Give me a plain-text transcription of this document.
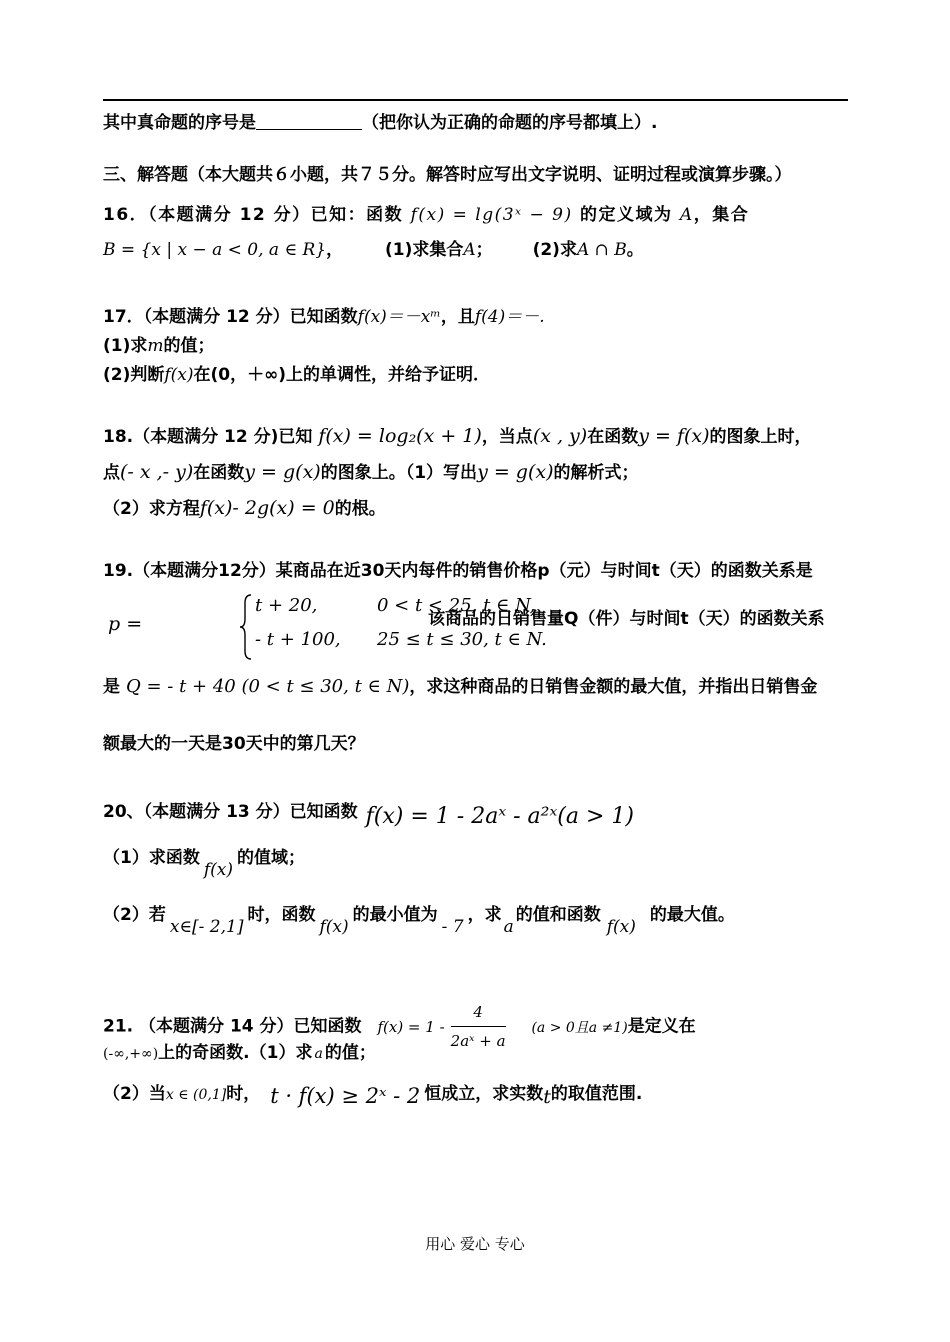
其中真命题的序号是	（把你认为正确的命题的序号都填上）.
三、解答题（本大题共６小题，共７５分。解答时应写出文字说明、证明过程或演算步骤。）
16．（本题满分 12 分）已知：函数 f(x) = lg(3ˣ − 9) 的定义域为 A，集合
B = {x | x − a < 0, a ∈ R}， (1)求集合A； (2)求A ∩ B。
17．（本题满分 12 分）已知函数f(x)＝－xᵐ，且f(4)＝－.
(1)求m的值；
(2)判断f(x)在(0，＋∞)上的单调性，并给予证明．
18.（本题满分 12 分)已知 f(x) = log₂(x + 1)，当点(x , y)在函数y = f(x)的图象上时，
点(- x ,- y)在函数y = g(x)的图象上。（1）写出y = g(x)的解析式；
（2）求方程f(x)- 2g(x) = 0的根。
19.（本题满分12分）某商品在近30天内每件的销售价格p（元）与时间t（天）的函数关系是
p =
t + 20,	0 < t < 25, t ∈ N,
- t + 100, 25 ≤ t ≤ 30, t ∈ N.
该商品的日销售量Q（件）与时间t（天）的函数关系
是 Q = - t + 40 (0 < t ≤ 30, t ∈ N)，求这种商品的日销售金额的最大值，并指出日销售金
额最大的一天是30天中的第几天？
20、（本题满分 13 分）已知函数 f(x) = 1 - 2aˣ - a²ˣ(a > 1)
（1）求函数f(x)的值域；
（2）若x∈[- 2,1]时，函数f(x)的最小值为- 7，求a的值和函数f(x)的最大值。
21. （本题满分 14 分）已知函数 $f(x) = 1 - \frac{4}{\text{2aˣ + a}} (a > 0$且a ≠1)是定义在
(-∞,+∞)上的奇函数.（1）求 a 的值；
（2）当x ∈ (0,1]时， t · f(x) ≥ 2ˣ - 2 恒成立，求实数t的取值范围.
用心 爱心 专心
